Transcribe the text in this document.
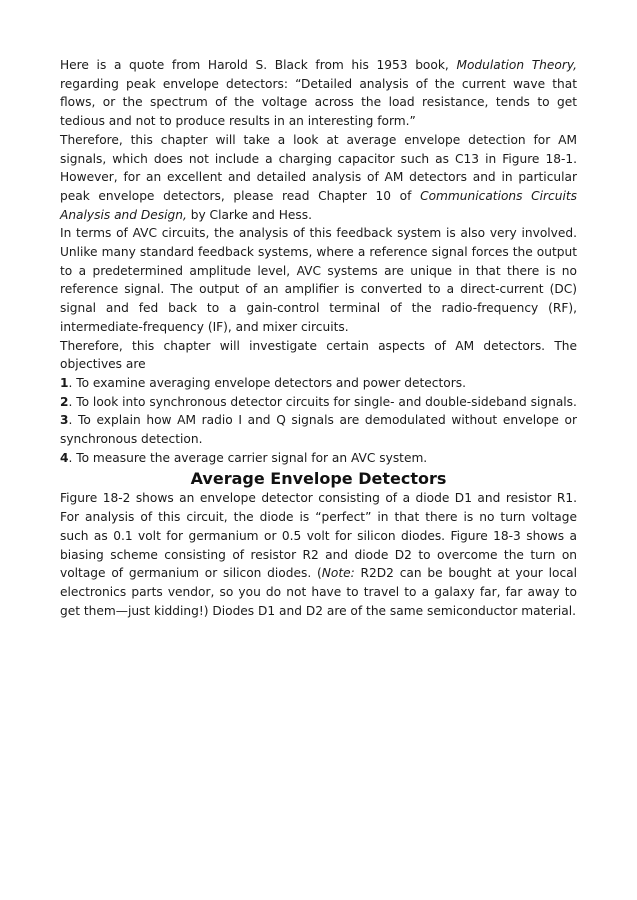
Here is a quote from Harold S. Black from his 1953 book, Modulation Theory, regarding peak envelope detectors: “Detailed analysis of the current wave that flows, or the spectrum of the voltage across the load resistance, tends to get tedious and not to produce results in an interesting form.”

Therefore, this chapter will take a look at average envelope detection for AM signals, which does not include a charging capacitor such as C13 in Figure 18-1. However, for an excellent and detailed analysis of AM detectors and in particular peak envelope detectors, please read Chapter 10 of Communications Circuits Analysis and Design, by Clarke and Hess.

In terms of AVC circuits, the analysis of this feedback system is also very involved. Unlike many standard feedback systems, where a reference signal forces the output to a predetermined amplitude level, AVC systems are unique in that there is no reference signal. The output of an amplifier is converted to a direct-current (DC) signal and fed back to a gain-control terminal of the radio-frequency (RF), intermediate-frequency (IF), and mixer circuits.

Therefore, this chapter will investigate certain aspects of AM detectors. The objectives are

1. To examine averaging envelope detectors and power detectors.

2. To look into synchronous detector circuits for single- and double-sideband signals.

3. To explain how AM radio I and Q signals are demodulated without envelope or synchronous detection.

4. To measure the average carrier signal for an AVC system.

Average Envelope Detectors

Figure 18-2 shows an envelope detector consisting of a diode D1 and resistor R1. For analysis of this circuit, the diode is “perfect” in that there is no turn voltage such as 0.1 volt for germanium or 0.5 volt for silicon diodes. Figure 18-3 shows a biasing scheme consisting of resistor R2 and diode D2 to overcome the turn on voltage of germanium or silicon diodes. (Note: R2D2 can be bought at your local electronics parts vendor, so you do not have to travel to a galaxy far, far away to get them—just kidding!) Diodes D1 and D2 are of the same semiconductor material.
